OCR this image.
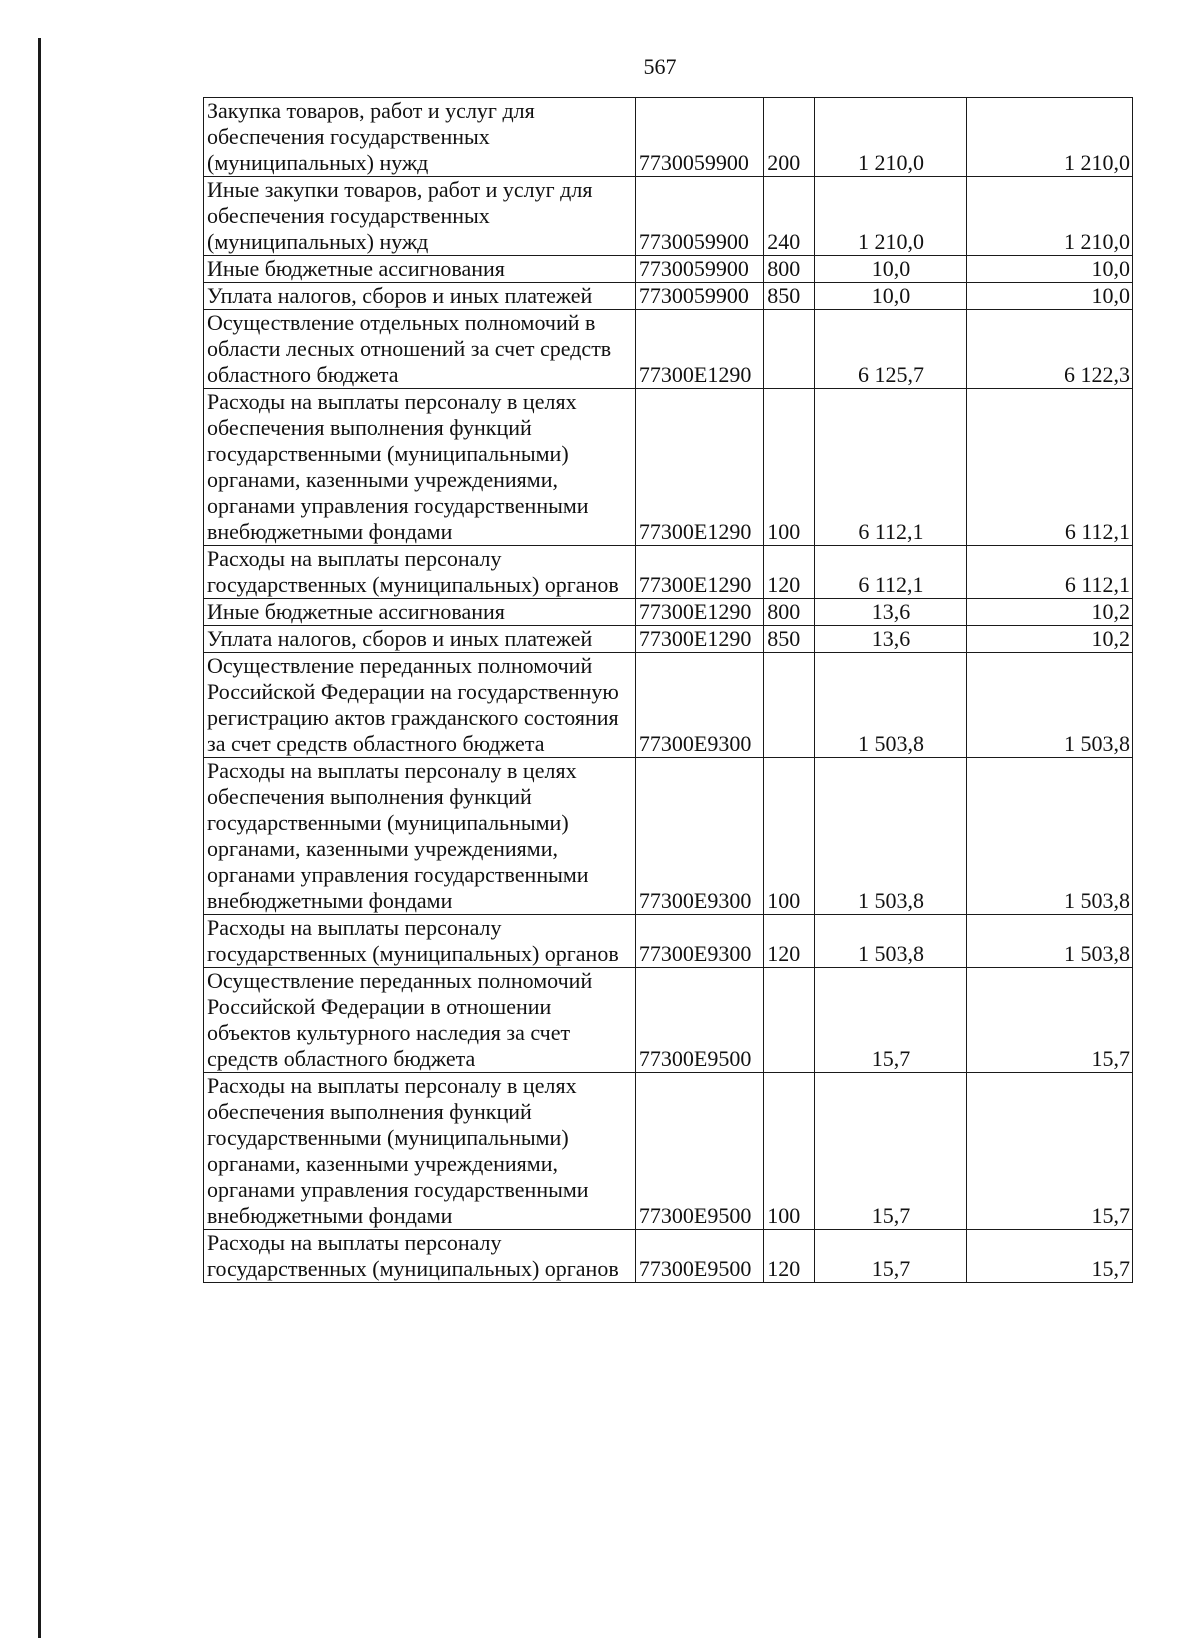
567
Закупка товаров, работ и услуг для обеспечения государственных (муниципальных) нужд	7730059900	200	1 210,0	1 210,0
Иные закупки товаров, работ и услуг для обеспечения государственных (муниципальных) нужд	7730059900	240	1 210,0	1 210,0
Иные бюджетные ассигнования	7730059900	800	10,0	10,0
Уплата налогов, сборов и иных платежей	7730059900	850	10,0	10,0
Осуществление отдельных полномочий в области лесных отношений за счет средств областного бюджета	77300Е1290		6 125,7	6 122,3
Расходы на выплаты персоналу в целях обеспечения выполнения функций государственными (муниципальными) органами, казенными учреждениями, органами управления государственными внебюджетными фондами	77300Е1290	100	6 112,1	6 112,1
Расходы на выплаты персоналу государственных (муниципальных) органов	77300Е1290	120	6 112,1	6 112,1
Иные бюджетные ассигнования	77300Е1290	800	13,6	10,2
Уплата налогов, сборов и иных платежей	77300Е1290	850	13,6	10,2
Осуществление переданных полномочий Российской Федерации на государственную регистрацию актов гражданского состояния за счет средств областного бюджета	77300Е9300		1 503,8	1 503,8
Расходы на выплаты персоналу в целях обеспечения выполнения функций государственными (муниципальными) органами, казенными учреждениями, органами управления государственными внебюджетными фондами	77300Е9300	100	1 503,8	1 503,8
Расходы на выплаты персоналу государственных (муниципальных) органов	77300Е9300	120	1 503,8	1 503,8
Осуществление переданных полномочий Российской Федерации в отношении объектов культурного наследия за счет средств областного бюджета	77300Е9500		15,7	15,7
Расходы на выплаты персоналу в целях обеспечения выполнения функций государственными (муниципальными) органами, казенными учреждениями, органами управления государственными внебюджетными фондами	77300Е9500	100	15,7	15,7
Расходы на выплаты персоналу государственных (муниципальных) органов	77300Е9500	120	15,7	15,7
